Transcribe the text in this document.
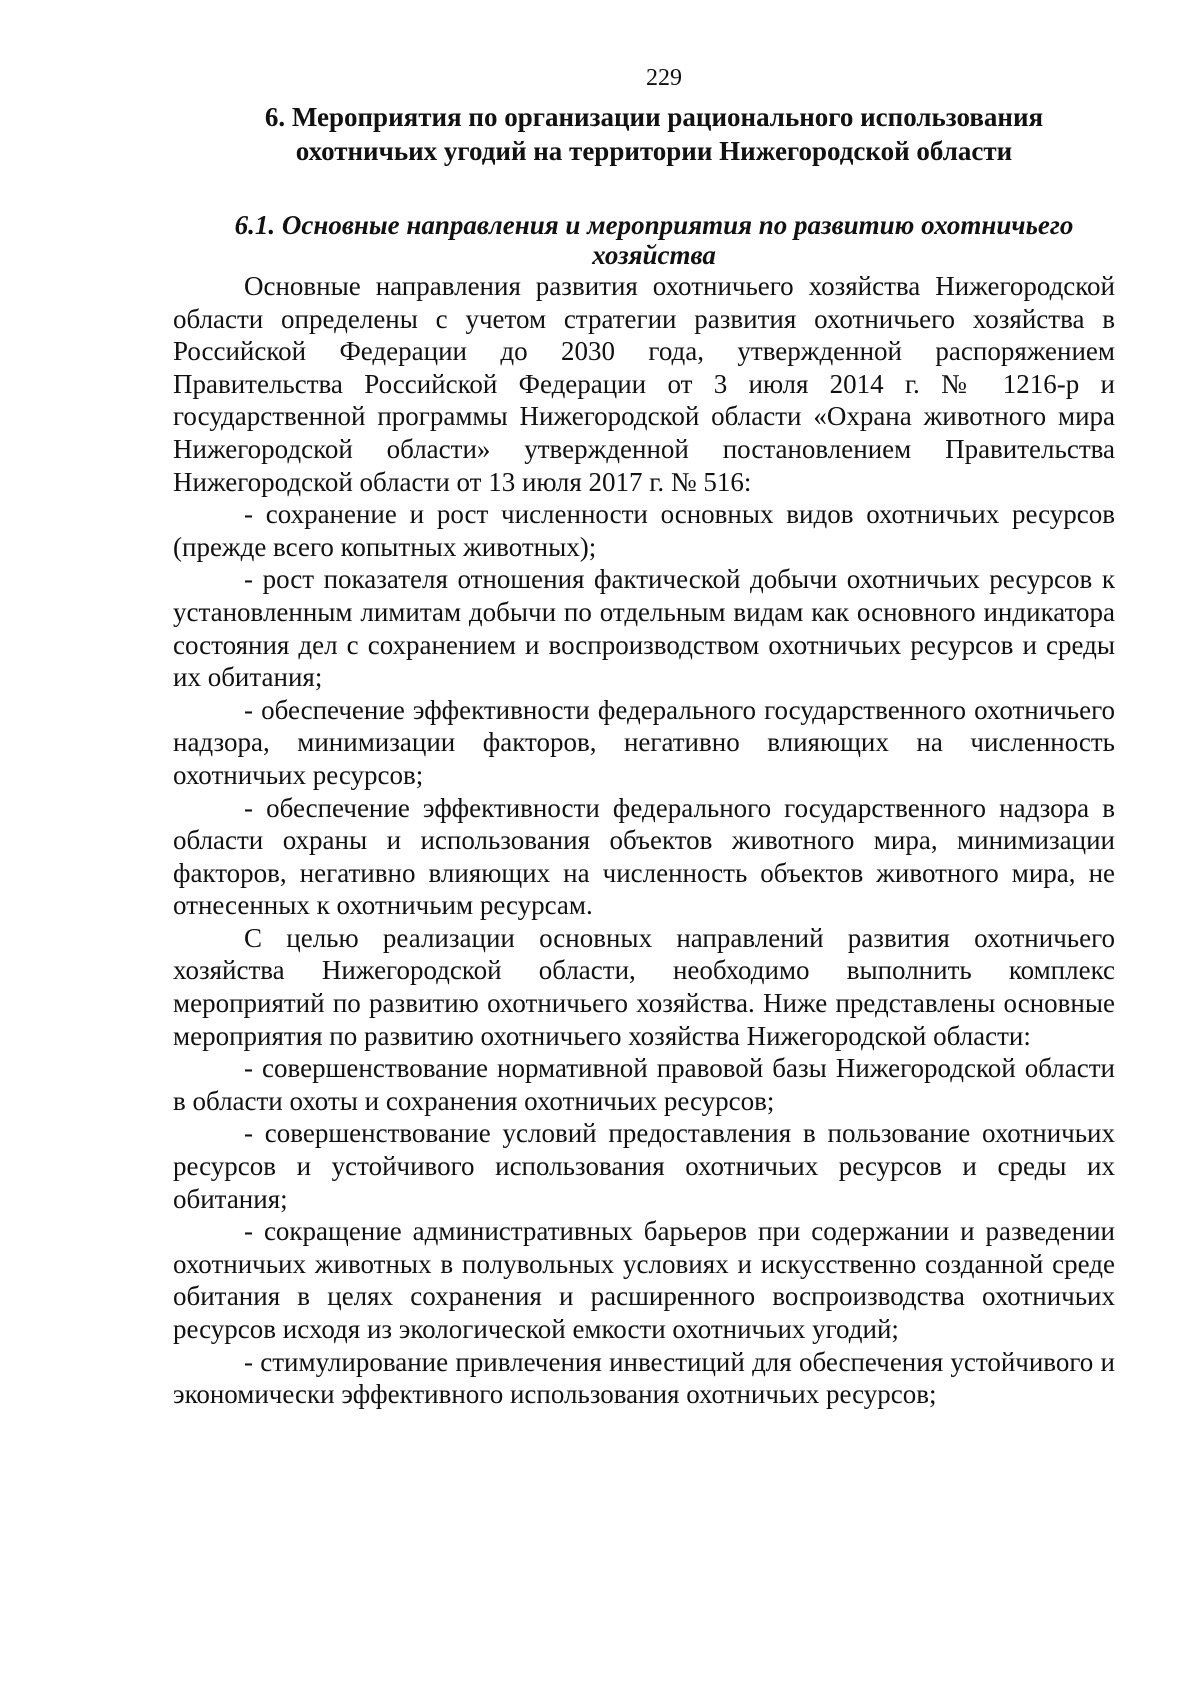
229
6. Мероприятия по организации рационального использования
охотничьих угодий на территории Нижегородской области
6.1. Основные направления и мероприятия по развитию охотничьего
хозяйства

Основные направления развития охотничьего хозяйства Нижегородской области определены с учетом стратегии развития охотничьего хозяйства в Российской Федерации до 2030 года, утвержденной распоряжением Правительства Российской Федерации от 3 июля 2014 г. № 1216-р и государственной программы Нижегородской области «Охрана животного мира Нижегородской области» утвержденной постановлением Правительства Нижегородской области от 13 июля 2017 г. № 516:

- сохранение и рост численности основных видов охотничьих ресурсов (прежде всего копытных животных);

- рост показателя отношения фактической добычи охотничьих ресурсов к установленным лимитам добычи по отдельным видам как основного индикатора состояния дел с сохранением и воспроизводством охотничьих ресурсов и среды их обитания;

- обеспечение эффективности федерального государственного охотничьего надзора, минимизации факторов, негативно влияющих на численность охотничьих ресурсов;

- обеспечение эффективности федерального государственного надзора в области охраны и использования объектов животного мира, минимизации факторов, негативно влияющих на численность объектов животного мира, не отнесенных к охотничьим ресурсам.

С целью реализации основных направлений развития охотничьего хозяйства Нижегородской области, необходимо выполнить комплекс мероприятий по развитию охотничьего хозяйства. Ниже представлены основные мероприятия по развитию охотничьего хозяйства Нижегородской области:

- совершенствование нормативной правовой базы Нижегородской области в области охоты и сохранения охотничьих ресурсов;

- совершенствование условий предоставления в пользование охотничьих ресурсов и устойчивого использования охотничьих ресурсов и среды их обитания;

- сокращение административных барьеров при содержании и разведении охотничьих животных в полувольных условиях и искусственно созданной среде обитания в целях сохранения и расширенного воспроизводства охотничьих ресурсов исходя из экологической емкости охотничьих угодий;

- стимулирование привлечения инвестиций для обеспечения устойчивого и экономически эффективного использования охотничьих ресурсов;
